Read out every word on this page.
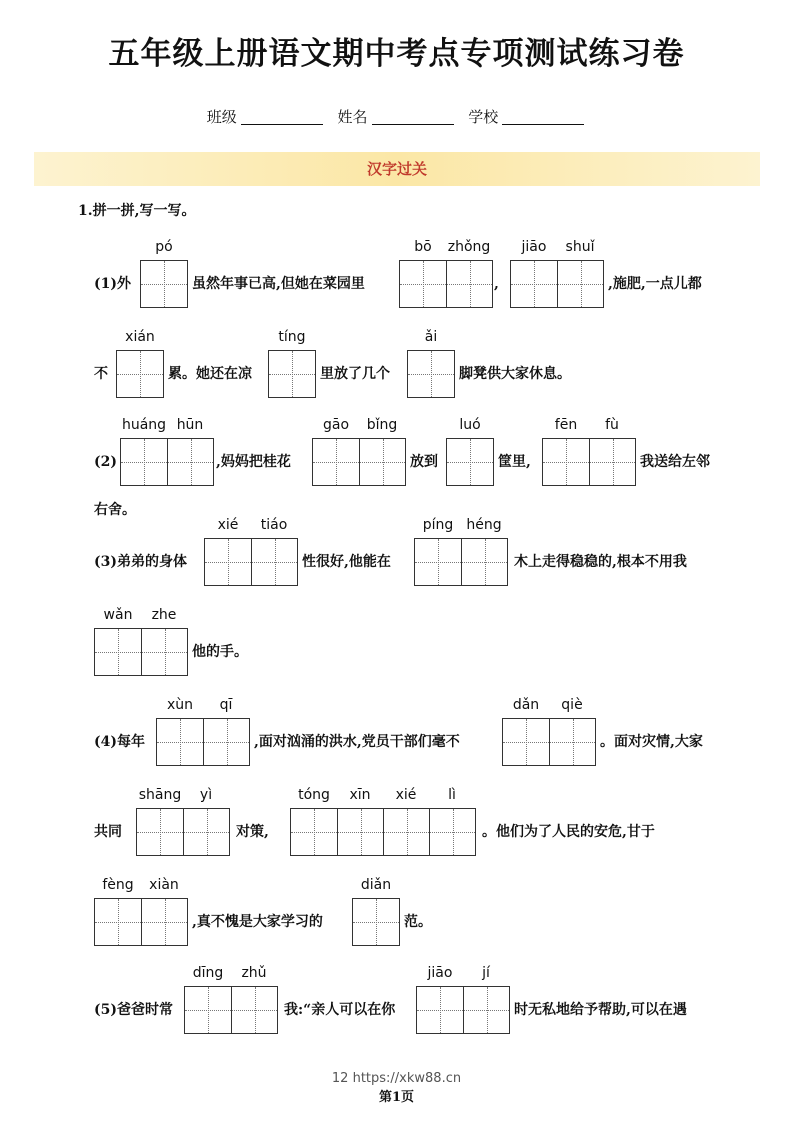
五年级上册语文期中考点专项测试练习卷
班级	姓名	学校
汉字过关
1.拼一拼,写一写。
(1)外
pó
虽然年事已高,但她在菜园里
bō	zhǒng
,
jiāo	shuǐ
,施肥,一点儿都
不
xián
累。她还在凉
tíng
里放了几个
ǎi
脚凳供大家休息。
(2)
huáng hūn
,妈妈把桂花
gāo	bǐng
放到
luó
筐里,
fēn	fù
我送给左邻
右舍。
(3)弟弟的身体
xié	tiáo
性很好,他能在
píng héng
木上走得稳稳的,根本不用我
wǎn	zhe
他的手。
(4)每年
xùn	qī
,面对汹涌的洪水,党员干部们毫不
dǎn	qiè
。面对灾情,大家
共同
shāng	yì
对策,
tóng	xīn	xié	lì
。他们为了人民的安危,甘于
fèng	xiàn
,真不愧是大家学习的
diǎn
范。
(5)爸爸时常
dīng	zhǔ
我:“亲人可以在你
jiāo	jí
时无私地给予帮助,可以在遇
12 https://xkw88.cn
第1页
